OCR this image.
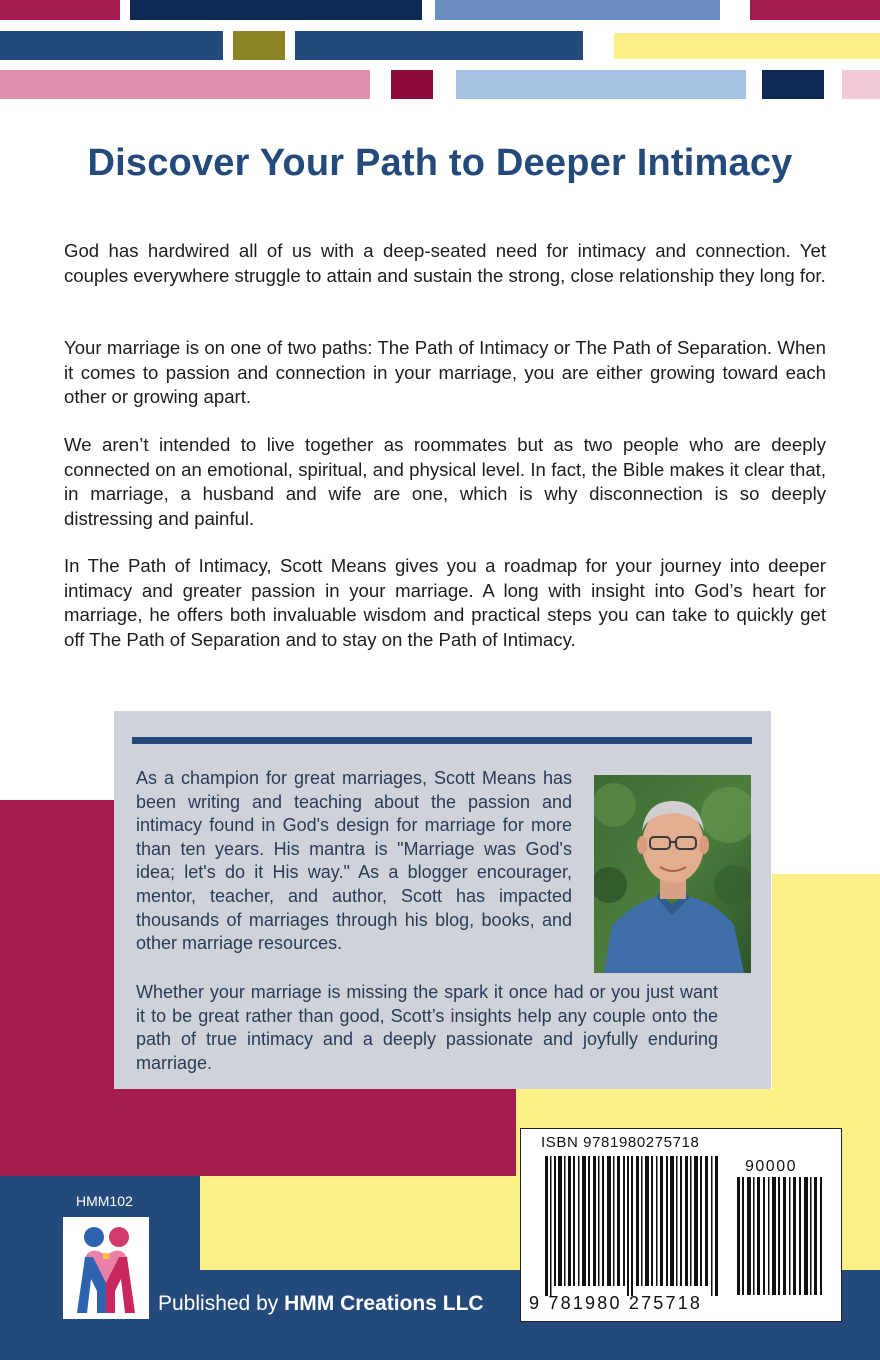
Discover Your Path to Deeper Intimacy

God has hardwired all of us with a deep-seated need for intimacy and connection. Yet couples everywhere struggle to attain and sustain the strong, close relationship they long for.

Your marriage is on one of two paths: The Path of Intimacy or The Path of Separation. When it comes to passion and connection in your marriage, you are either growing toward each other or growing apart.

We aren’t intended to live together as roommates but as two people who are deeply connected on an emotional, spiritual, and physical level. In fact, the Bible makes it clear that, in marriage, a husband and wife are one, which is why disconnection is so deeply distressing and painful.

In The Path of Intimacy, Scott Means gives you a roadmap for your journey into deeper intimacy and greater passion in your marriage. A long with insight into God’s heart for marriage, he offers both invaluable wisdom and practical steps you can take to quickly get off The Path of Separation and to stay on the Path of Intimacy.

As a champion for great marriages, Scott Means has been writing and teaching about the passion and intimacy found in God's design for marriage for more than ten years. His mantra is "Marriage was God's idea; let's do it His way." As a blogger encourager, mentor, teacher, and author, Scott has impacted thousands of marriages through his blog, books, and other marriage resources.

Whether your marriage is missing the spark it once had or you just want it to be great rather than good, Scott’s insights help any couple onto the path of true intimacy and a deeply passionate and joyfully enduring marriage.

ISBN 9781980275718
90000
9 781980 275718
HMM102
Published by HMM Creations LLC
